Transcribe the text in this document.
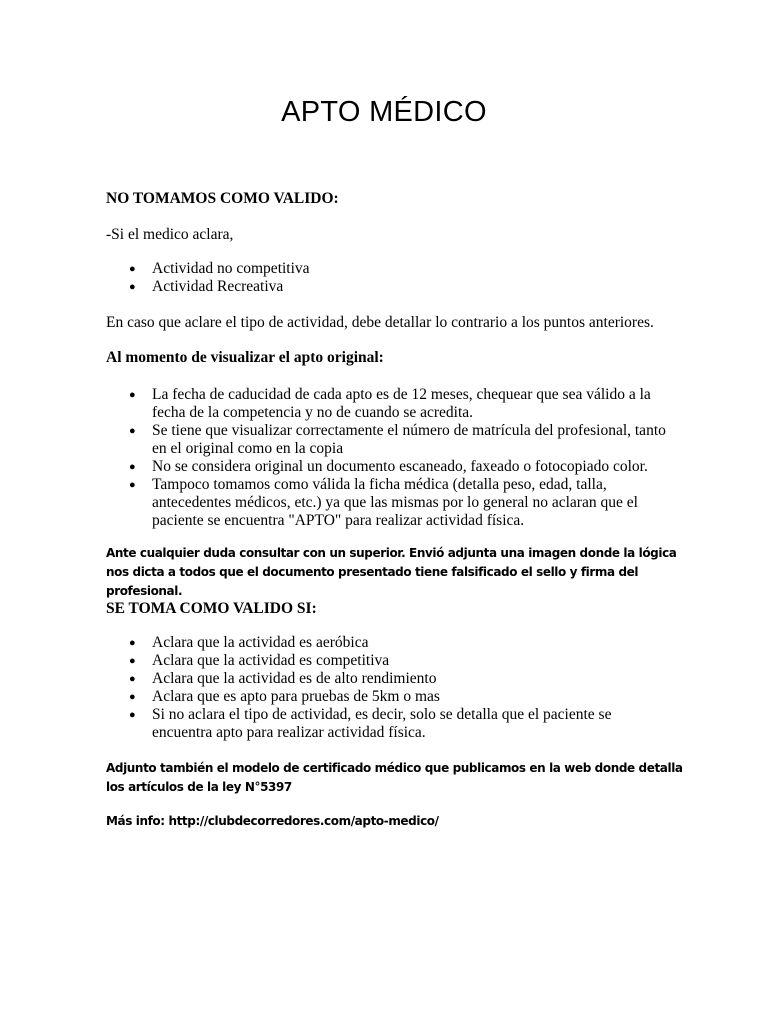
APTO MÉDICO
NO TOMAMOS COMO VALIDO:
-Si el medico aclara,
● Actividad no competitiva
● Actividad Recreativa
En caso que aclare el tipo de actividad, debe detallar lo contrario a los puntos anteriores.
Al momento de visualizar el apto original:
● La fecha de caducidad de cada apto es de 12 meses, chequear que sea válido a la fecha de la competencia y no de cuando se acredita.
● Se tiene que visualizar correctamente el número de matrícula del profesional, tanto en el original como en la copia
● No se considera original un documento escaneado, faxeado o fotocopiado color.
● Tampoco tomamos como válida la ficha médica (detalla peso, edad, talla, antecedentes médicos, etc.) ya que las mismas por lo general no aclaran que el paciente se encuentra "APTO" para realizar actividad física.
Ante cualquier duda consultar con un superior. Envió adjunta una imagen donde la lógica nos dicta a todos que el documento presentado tiene falsificado el sello y firma del profesional.
SE TOMA COMO VALIDO SI:
● Aclara que la actividad es aeróbica
● Aclara que la actividad es competitiva
● Aclara que la actividad es de alto rendimiento
● Aclara que es apto para pruebas de 5km o mas
● Si no aclara el tipo de actividad, es decir, solo se detalla que el paciente se encuentra apto para realizar actividad física.
Adjunto también el modelo de certificado médico que publicamos en la web donde detalla los artículos de la ley N°5397
Más info: http://clubdecorredores.com/apto-medico/
